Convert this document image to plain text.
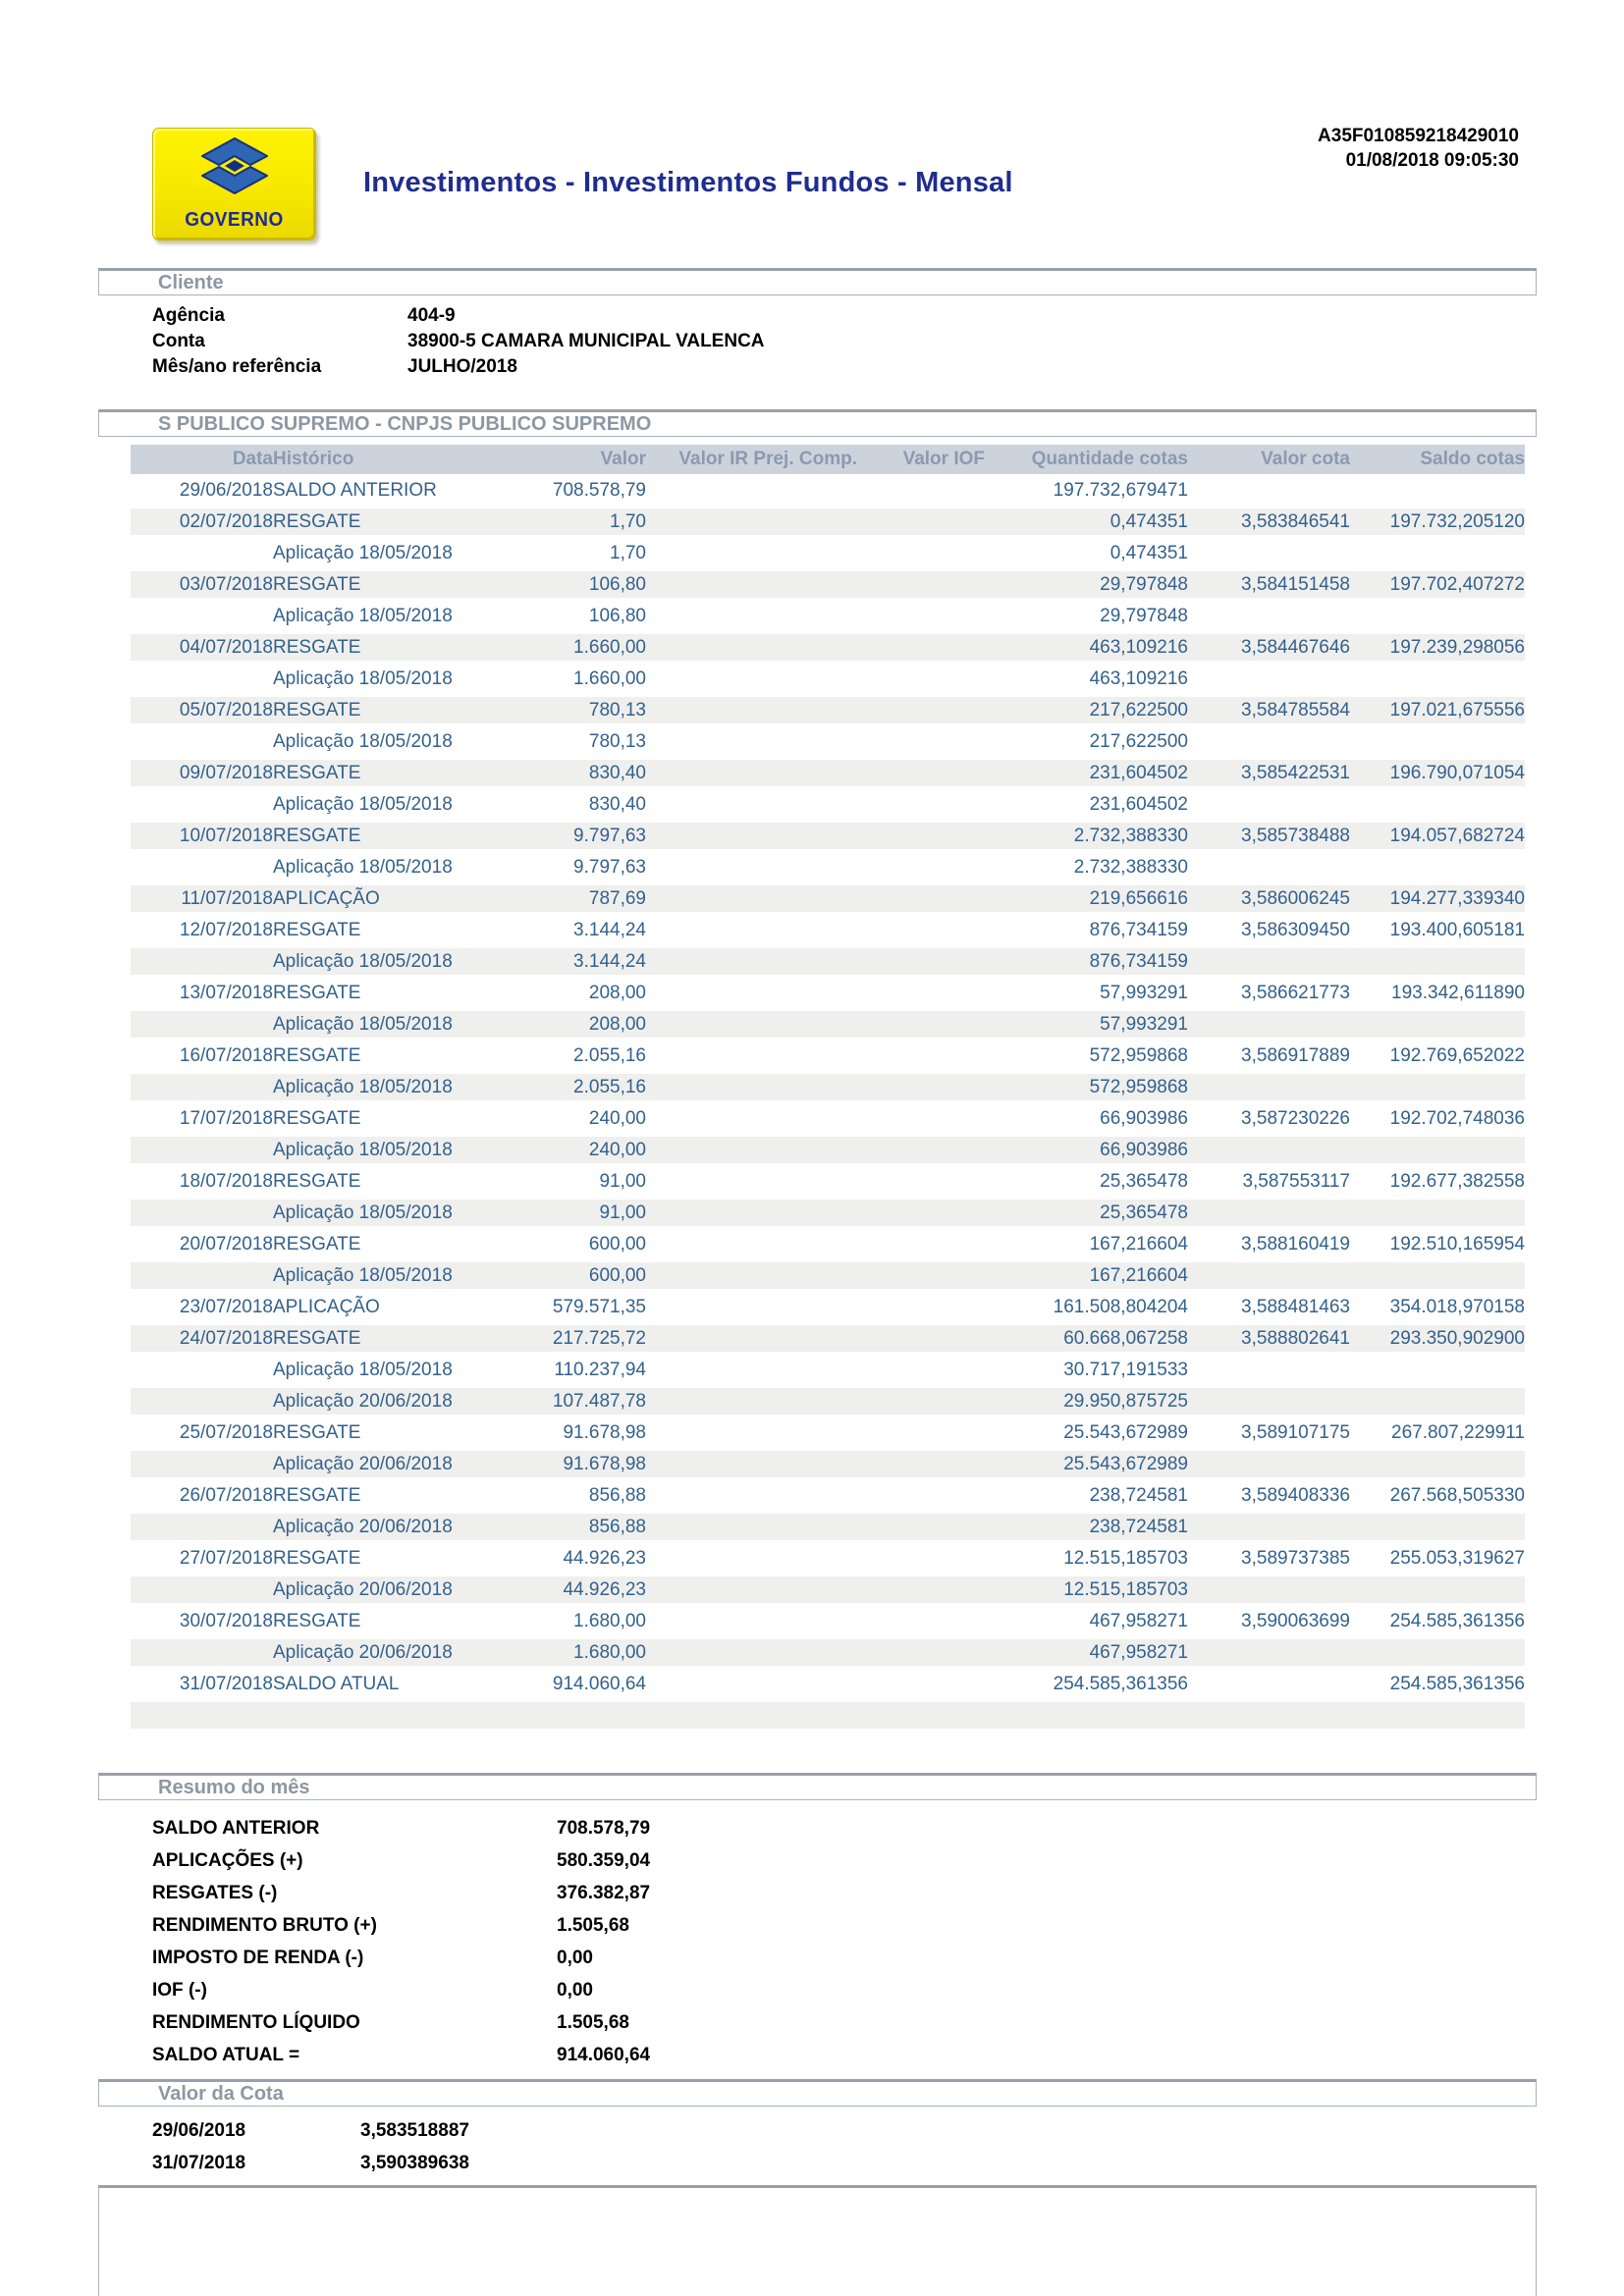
GOVERNO
Investimentos - Investimentos Fundos - Mensal
A35F010859218429010
01/08/2018 09:05:30
Cliente
Agência	404-9
Conta	38900-5 CAMARA MUNICIPAL VALENCA
Mês/ano referência	JULHO/2018
S PUBLICO SUPREMO - CNPJS PUBLICO SUPREMO
Data	Histórico	Valor	Valor IR Prej. Comp.	Valor IOF	Quantidade cotas	Valor cota	Saldo cotas
29/06/2018	SALDO ANTERIOR	708.578,79			197.732,679471		
02/07/2018	RESGATE	1,70			0,474351	3,583846541	197.732,205120
	Aplicação 18/05/2018	1,70			0,474351		
03/07/2018	RESGATE	106,80			29,797848	3,584151458	197.702,407272
	Aplicação 18/05/2018	106,80			29,797848		
04/07/2018	RESGATE	1.660,00			463,109216	3,584467646	197.239,298056
	Aplicação 18/05/2018	1.660,00			463,109216		
05/07/2018	RESGATE	780,13			217,622500	3,584785584	197.021,675556
	Aplicação 18/05/2018	780,13			217,622500		
09/07/2018	RESGATE	830,40			231,604502	3,585422531	196.790,071054
	Aplicação 18/05/2018	830,40			231,604502		
10/07/2018	RESGATE	9.797,63			2.732,388330	3,585738488	194.057,682724
	Aplicação 18/05/2018	9.797,63			2.732,388330		
11/07/2018	APLICAÇÃO	787,69			219,656616	3,586006245	194.277,339340
12/07/2018	RESGATE	3.144,24			876,734159	3,586309450	193.400,605181
	Aplicação 18/05/2018	3.144,24			876,734159		
13/07/2018	RESGATE	208,00			57,993291	3,586621773	193.342,611890
	Aplicação 18/05/2018	208,00			57,993291		
16/07/2018	RESGATE	2.055,16			572,959868	3,586917889	192.769,652022
	Aplicação 18/05/2018	2.055,16			572,959868		
17/07/2018	RESGATE	240,00			66,903986	3,587230226	192.702,748036
	Aplicação 18/05/2018	240,00			66,903986		
18/07/2018	RESGATE	91,00			25,365478	3,587553117	192.677,382558
	Aplicação 18/05/2018	91,00			25,365478		
20/07/2018	RESGATE	600,00			167,216604	3,588160419	192.510,165954
	Aplicação 18/05/2018	600,00			167,216604		
23/07/2018	APLICAÇÃO	579.571,35			161.508,804204	3,588481463	354.018,970158
24/07/2018	RESGATE	217.725,72			60.668,067258	3,588802641	293.350,902900
	Aplicação 18/05/2018	110.237,94			30.717,191533		
	Aplicação 20/06/2018	107.487,78			29.950,875725		
25/07/2018	RESGATE	91.678,98			25.543,672989	3,589107175	267.807,229911
	Aplicação 20/06/2018	91.678,98			25.543,672989		
26/07/2018	RESGATE	856,88			238,724581	3,589408336	267.568,505330
	Aplicação 20/06/2018	856,88			238,724581		
27/07/2018	RESGATE	44.926,23			12.515,185703	3,589737385	255.053,319627
	Aplicação 20/06/2018	44.926,23			12.515,185703		
30/07/2018	RESGATE	1.680,00			467,958271	3,590063699	254.585,361356
	Aplicação 20/06/2018	1.680,00			467,958271		
31/07/2018	SALDO ATUAL	914.060,64			254.585,361356		254.585,361356

Resumo do mês
SALDO ANTERIOR	708.578,79
APLICAÇÕES (+)	580.359,04
RESGATES (-)	376.382,87
RENDIMENTO BRUTO (+)	1.505,68
IMPOSTO DE RENDA (-)	0,00
IOF (-)	0,00
RENDIMENTO LÍQUIDO	1.505,68
SALDO ATUAL =	914.060,64
Valor da Cota
29/06/2018	3,583518887
31/07/2018	3,590389638
